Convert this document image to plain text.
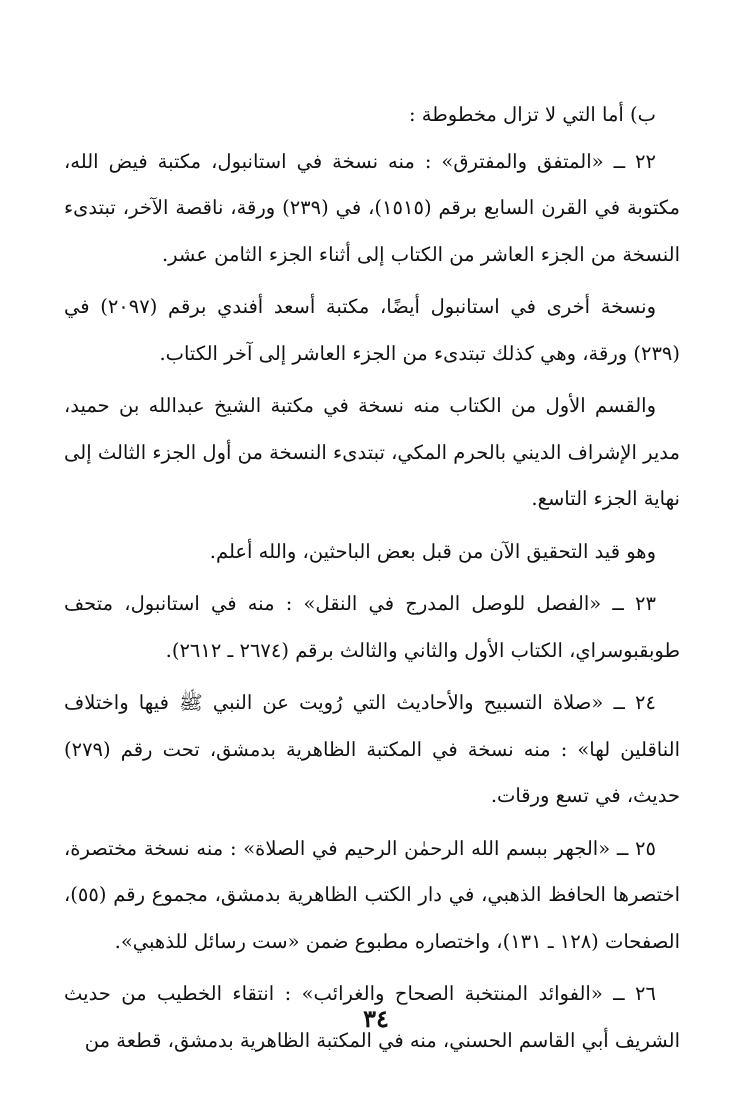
ب) أما التي لا تزال مخطوطة :

٢٢ ــ «المتفق والمفترق» : منه نسخة في استانبول، مكتبة فيض الله، مكتوبة في القرن السابع برقم (١٥١٥)، في (٢٣٩) ورقة، ناقصة الآخر، تبتدىء النسخة من الجزء العاشر من الكتاب إلى أثناء الجزء الثامن عشر.

ونسخة أخرى في استانبول أيضًا، مكتبة أسعد أفندي برقم (٢٠٩٧) في (٢٣٩) ورقة، وهي كذلك تبتدىء من الجزء العاشر إلى آخر الكتاب.

والقسم الأول من الكتاب منه نسخة في مكتبة الشيخ عبدالله بن حميد، مدير الإشراف الديني بالحرم المكي، تبتدىء النسخة من أول الجزء الثالث إلى نهاية الجزء التاسع.

وهو قيد التحقيق الآن من قبل بعض الباحثين، والله أعلم.

٢٣ ــ «الفصل للوصل المدرج في النقل» : منه في استانبول، متحف طوبقبوسراي، الكتاب الأول والثاني والثالث برقم (٢٦٧٤ ـ ٢٦١٢).

٢٤ ــ «صلاة التسبيح والأحاديث التي رُويت عن النبي ﷺ فيها واختلاف الناقلين لها» : منه نسخة في المكتبة الظاهرية بدمشق، تحت رقم (٢٧٩) حديث، في تسع ورقات.

٢٥ ــ «الجهر ببسم الله الرحمٰن الرحيم في الصلاة» : منه نسخة مختصرة، اختصرها الحافظ الذهبي، في دار الكتب الظاهرية بدمشق، مجموع رقم (٥٥)، الصفحات (١٢٨ ـ ١٣١)، واختصاره مطبوع ضمن «ست رسائل للذهبي».

٢٦ ــ «الفوائد المنتخبة الصحاح والغرائب» : انتقاء الخطيب من حديث الشريف أبي القاسم الحسني، منه في المكتبة الظاهرية بدمشق، قطعة من

٣٤
